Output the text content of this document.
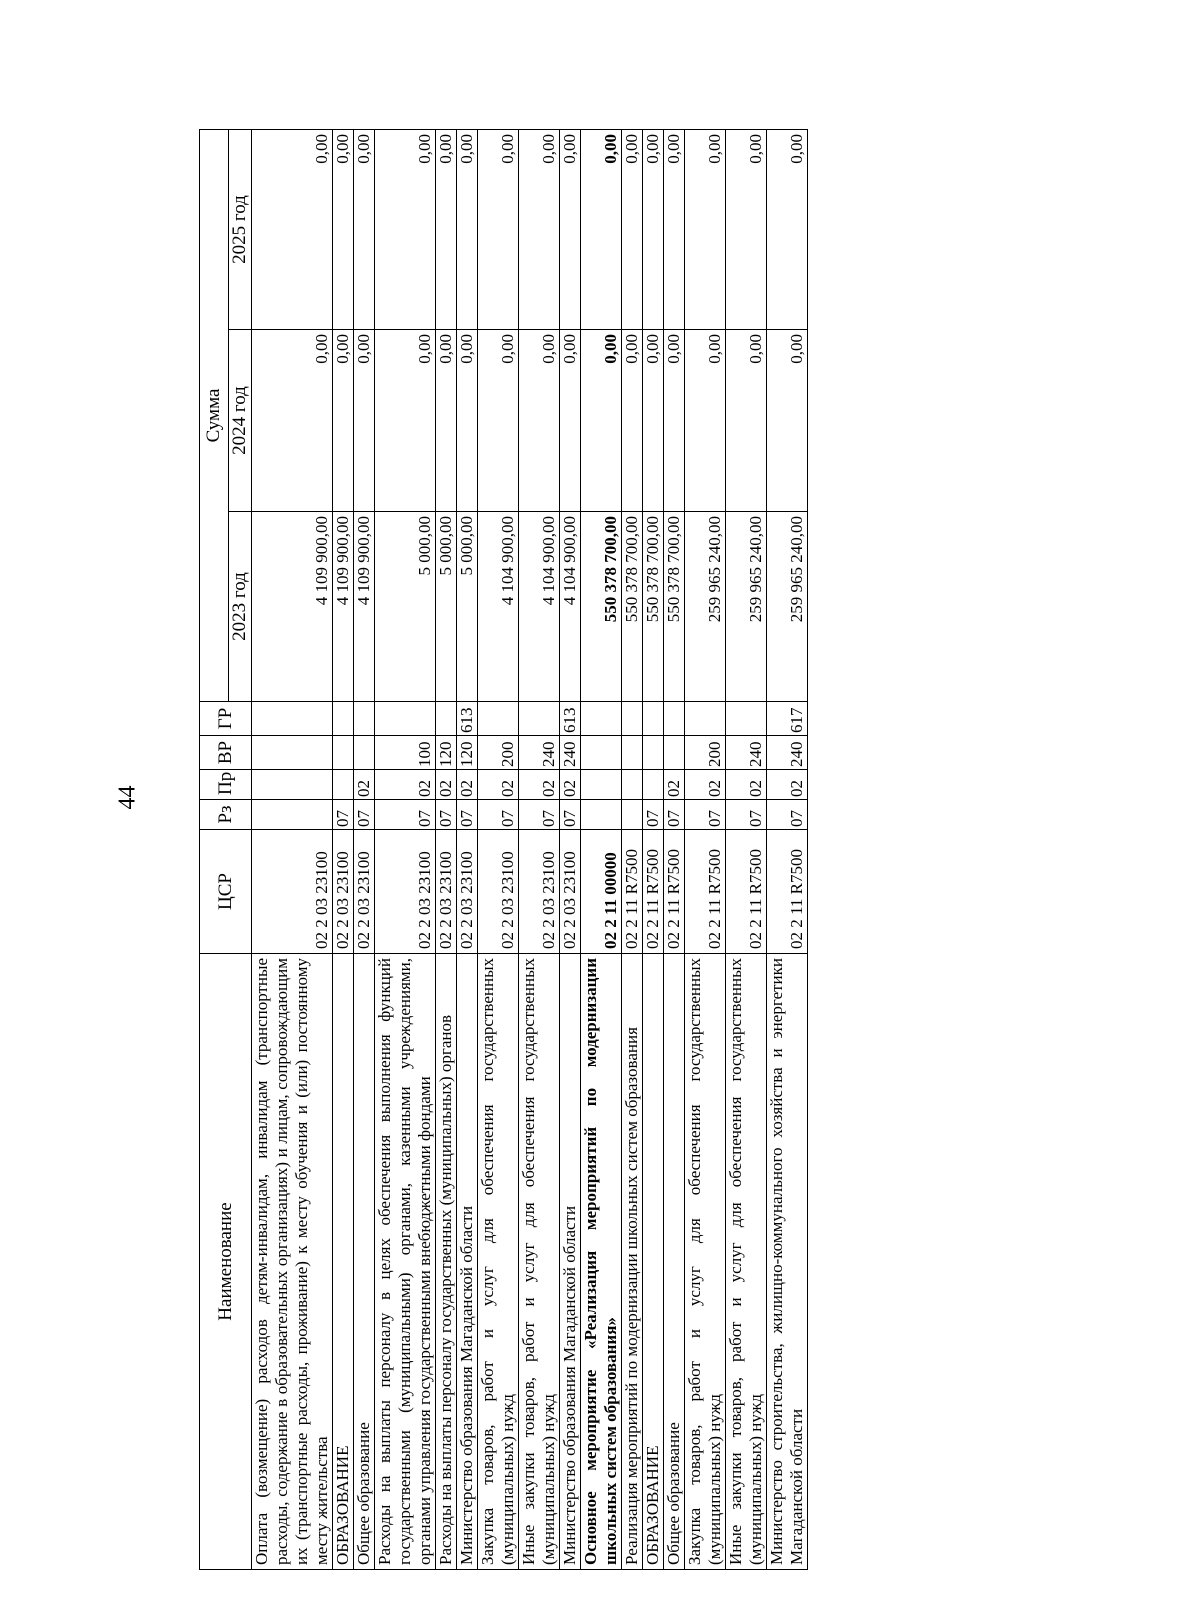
44
Наименование	ЦСР	Рз	Пр	ВР	ГР	Сумма		
						2023 год	2024 год	2025 год
Оплата (возмещение) расходов детям-инвалидам, инвалидам (транспортные расходы, содержание в образовательных организациях) и лицам, сопровождающим их (транспортные расходы, проживание) к месту обучения и (или) постоянному месту жительства	02 2 03 23100					4 109 900,00	0,00	0,00
ОБРАЗОВАНИЕ	02 2 03 23100	07				4 109 900,00	0,00	0,00
Общее образование	02 2 03 23100	07	02			4 109 900,00	0,00	0,00
Расходы на выплаты персоналу в целях обеспечения выполнения функций государственными (муниципальными) органами, казенными учреждениями, органами управления государственными внебюджетными фондами	02 2 03 23100	07	02	100		5 000,00	0,00	0,00
Расходы на выплаты персоналу государственных (муниципальных) органов	02 2 03 23100	07	02	120		5 000,00	0,00	0,00
Министерство образования Магаданской области	02 2 03 23100	07	02	120	613	5 000,00	0,00	0,00
Закупка товаров, работ и услуг для обеспечения государственных (муниципальных) нужд	02 2 03 23100	07	02	200		4 104 900,00	0,00	0,00
Иные закупки товаров, работ и услуг для обеспечения государственных (муниципальных) нужд	02 2 03 23100	07	02	240		4 104 900,00	0,00	0,00
Министерство образования Магаданской области	02 2 03 23100	07	02	240	613	4 104 900,00	0,00	0,00
Основное мероприятие «Реализация мероприятий по модернизации школьных систем образования»	02 2 11 00000					550 378 700,00	0,00	0,00
Реализация мероприятий по модернизации школьных систем образования	02 2 11 R7500					550 378 700,00	0,00	0,00
ОБРАЗОВАНИЕ	02 2 11 R7500	07				550 378 700,00	0,00	0,00
Общее образование	02 2 11 R7500	07	02			550 378 700,00	0,00	0,00
Закупка товаров, работ и услуг для обеспечения государственных (муниципальных) нужд	02 2 11 R7500	07	02	200		259 965 240,00	0,00	0,00
Иные закупки товаров, работ и услуг для обеспечения государственных (муниципальных) нужд	02 2 11 R7500	07	02	240		259 965 240,00	0,00	0,00
Министерство строительства, жилищно-коммунального хозяйства и энергетики Магаданской области	02 2 11 R7500	07	02	240	617	259 965 240,00	0,00	0,00
